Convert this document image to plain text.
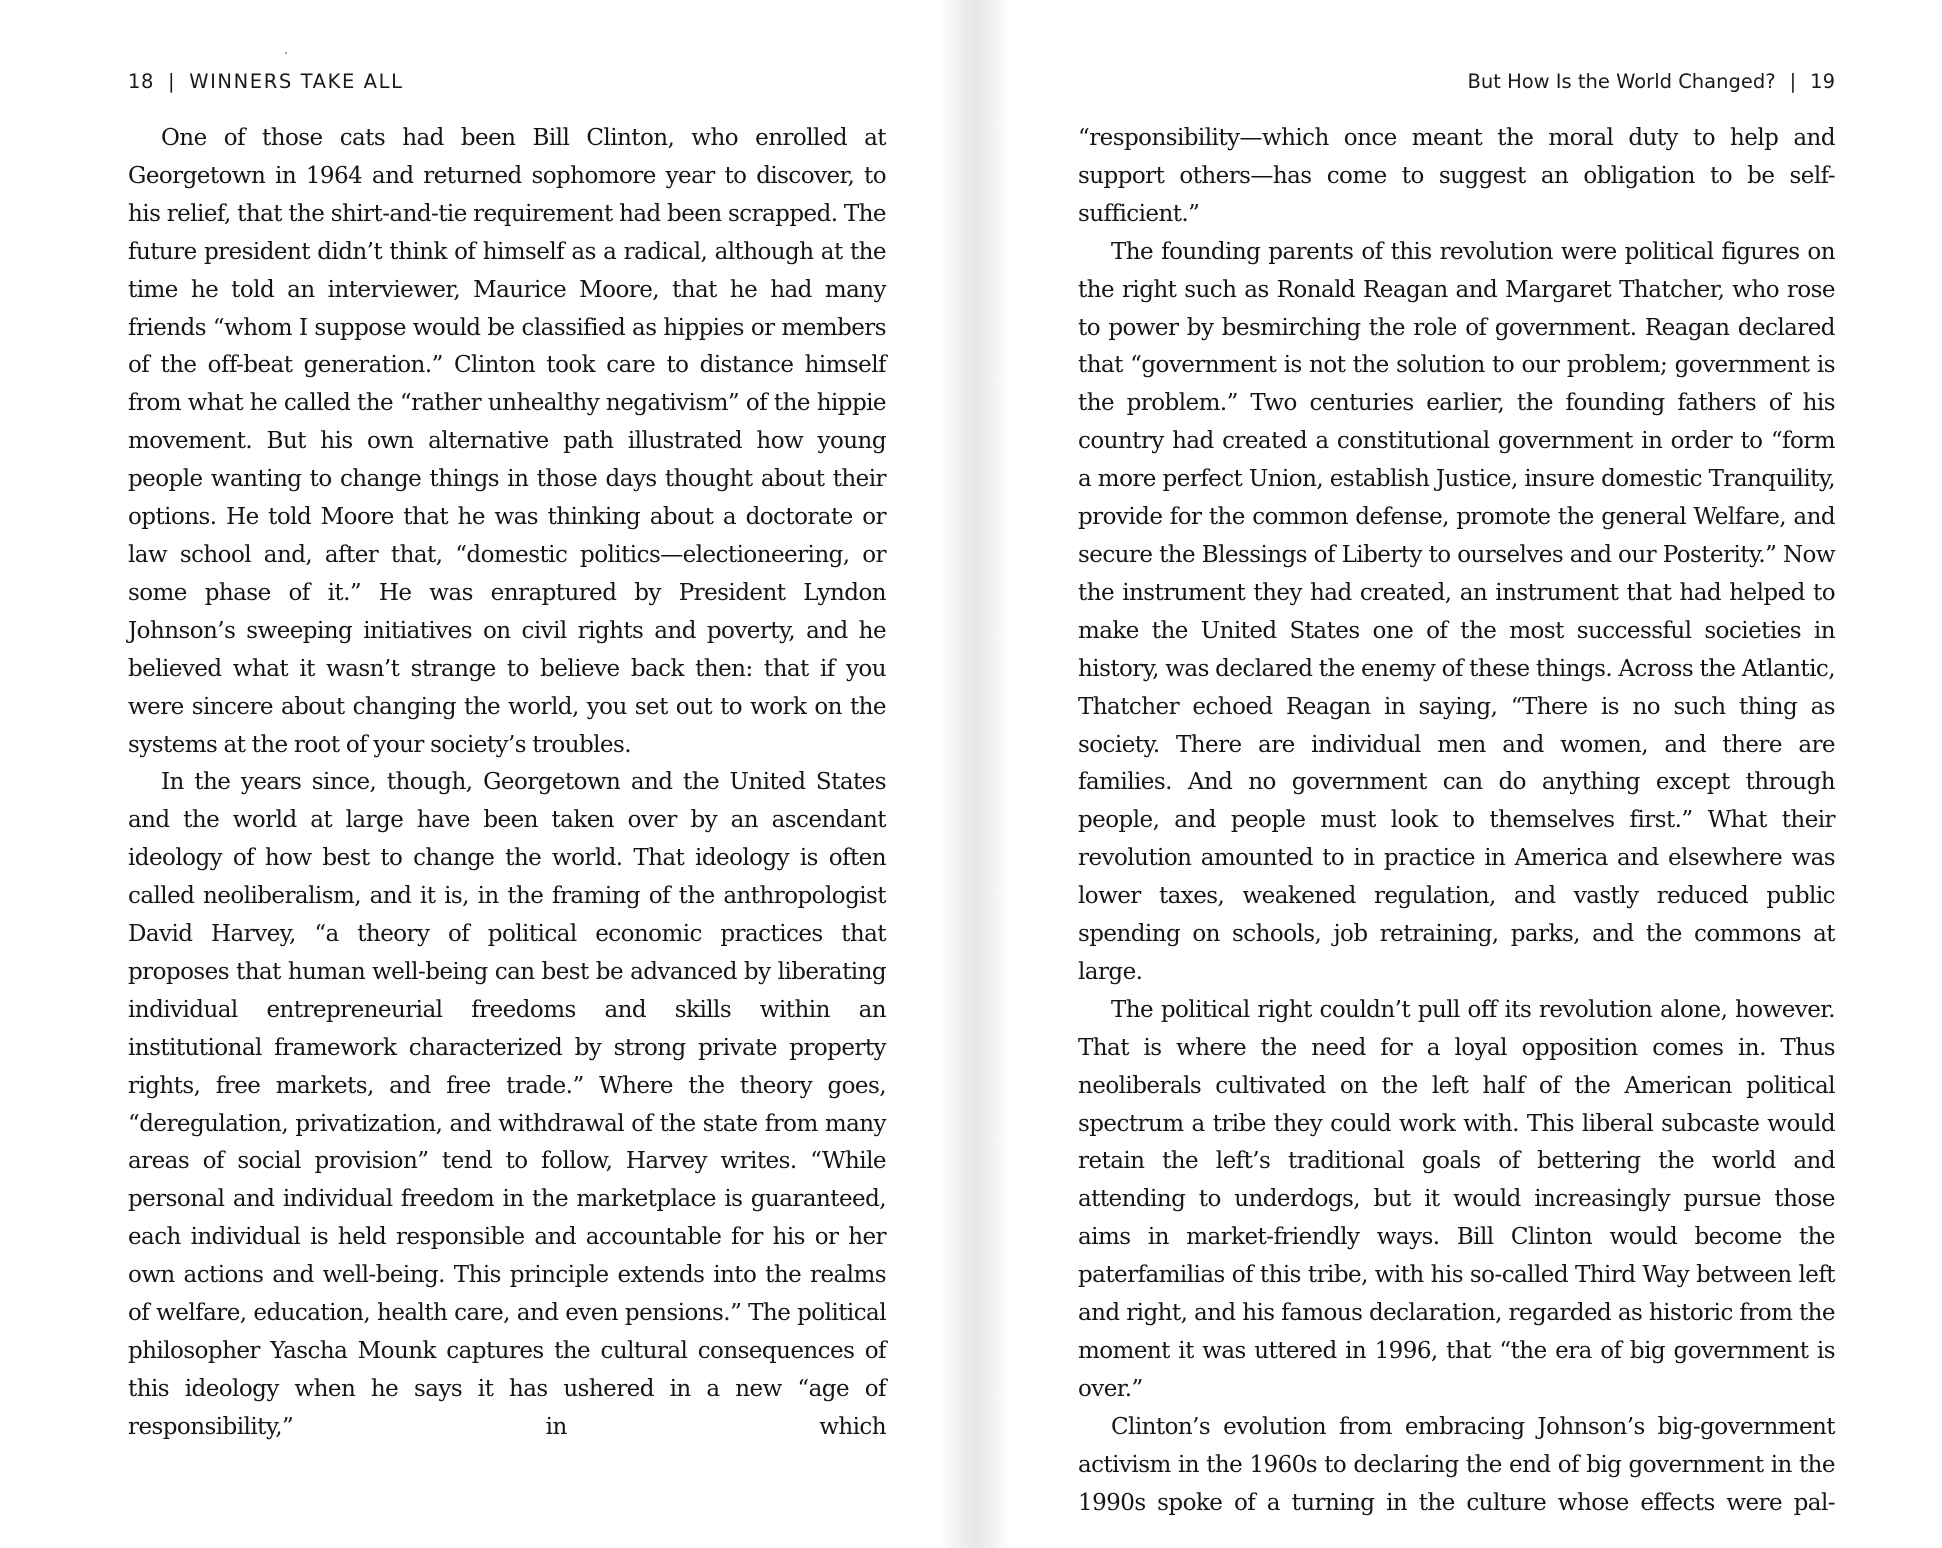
18 | WINNERS TAKE ALL

One of those cats had been Bill Clinton, who enrolled at Georgetown in 1964 and returned sophomore year to discover, to his relief, that the shirt-and-tie requirement had been scrapped. The future president didn’t think of himself as a radical, although at the time he told an interviewer, Maurice Moore, that he had many friends “whom I suppose would be classified as hippies or members of the off-beat generation.” Clinton took care to distance himself from what he called the “rather unhealthy negativism” of the hippie movement. But his own alternative path illustrated how young people wanting to change things in those days thought about their options. He told Moore that he was thinking about a doctorate or law school and, after that, “domestic politics—electioneering, or some phase of it.” He was enraptured by President Lyndon Johnson’s sweeping initiatives on civil rights and poverty, and he believed what it wasn’t strange to believe back then: that if you were sincere about changing the world, you set out to work on the systems at the root of your society’s troubles.

In the years since, though, Georgetown and the United States and the world at large have been taken over by an ascendant ideology of how best to change the world. That ideology is often called neoliberalism, and it is, in the framing of the anthropologist David Harvey, “a theory of political economic practices that proposes that human well-being can best be advanced by liberating individual entrepreneurial freedoms and skills within an institutional framework characterized by strong private property rights, free markets, and free trade.” Where the theory goes, “deregulation, privatization, and withdrawal of the state from many areas of social provision” tend to follow, Harvey writes. “While personal and individual freedom in the marketplace is guaranteed, each individual is held responsible and accountable for his or her own actions and well-being. This principle extends into the realms of welfare, education, health care, and even pensions.” The political philosopher Yascha Mounk captures the cultural consequences of this ideology when he says it has ushered in a new “age of responsibility,” in which

But How Is the World Changed? | 19

“responsibility—which once meant the moral duty to help and support others—has come to suggest an obligation to be self-sufficient.”

The founding parents of this revolution were political figures on the right such as Ronald Reagan and Margaret Thatcher, who rose to power by besmirching the role of government. Reagan declared that “government is not the solution to our problem; government is the problem.” Two centuries earlier, the founding fathers of his country had created a constitutional government in order to “form a more perfect Union, establish Justice, insure domestic Tranquility, provide for the common defense, promote the general Welfare, and secure the Blessings of Liberty to ourselves and our Posterity.” Now the instrument they had created, an instrument that had helped to make the United States one of the most successful societies in history, was declared the enemy of these things. Across the Atlantic, Thatcher echoed Reagan in saying, “There is no such thing as society. There are individual men and women, and there are families. And no government can do anything except through people, and people must look to themselves first.” What their revolution amounted to in practice in America and elsewhere was lower taxes, weakened regulation, and vastly reduced public spending on schools, job retraining, parks, and the commons at large.

The political right couldn’t pull off its revolution alone, however. That is where the need for a loyal opposition comes in. Thus neoliberals cultivated on the left half of the American political spectrum a tribe they could work with. This liberal subcaste would retain the left’s traditional goals of bettering the world and attending to underdogs, but it would increasingly pursue those aims in market-friendly ways. Bill Clinton would become the paterfamilias of this tribe, with his so-called Third Way between left and right, and his famous declaration, regarded as historic from the moment it was uttered in 1996, that “the era of big government is over.”

Clinton’s evolution from embracing Johnson’s big-government activism in the 1960s to declaring the end of big government in the 1990s spoke of a turning in the culture whose effects were pal-
